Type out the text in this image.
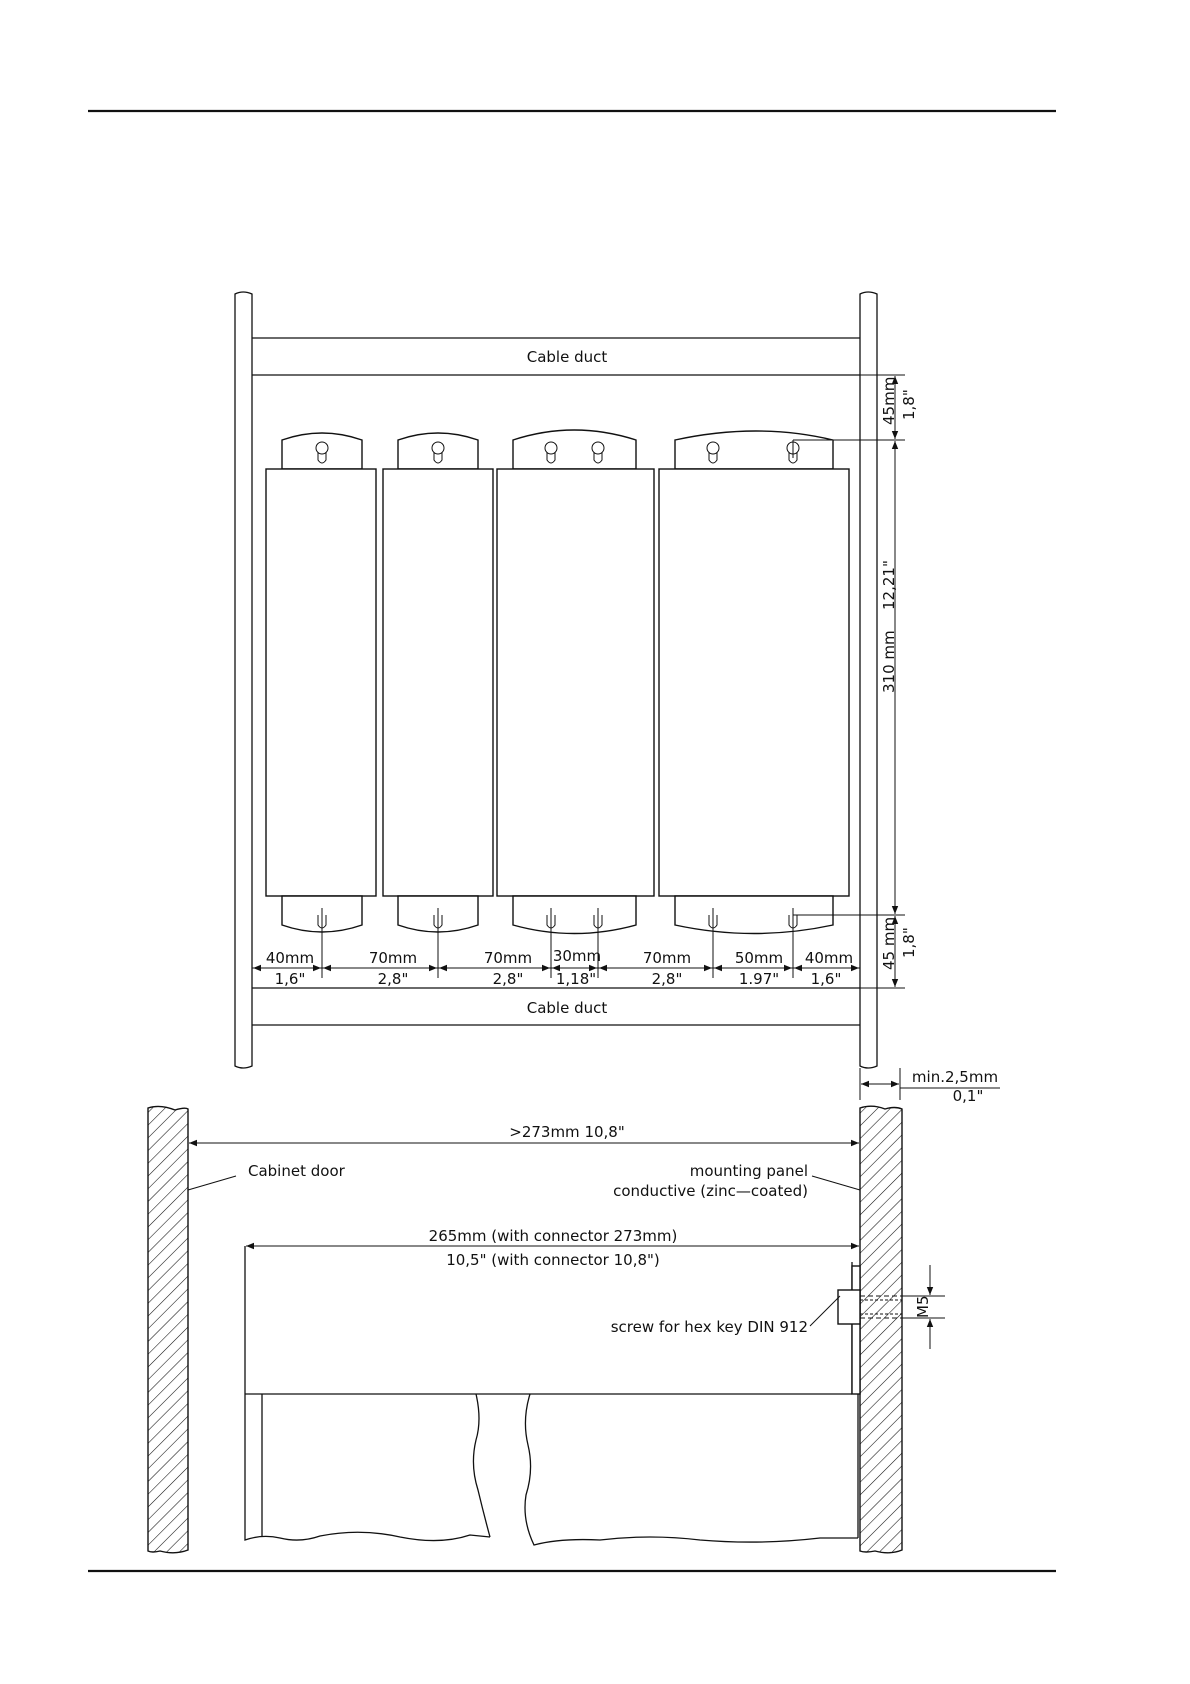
Cable duct
Cable duct
40mm
1,6"
70mm
2,8"
70mm
2,8"
30mm
1,18"
70mm
2,8"
50mm
1.97"
40mm
1,6"
45mm 1,8"
310 mm
12,21"
45 mm 1,8"
min.2,5mm
0,1"
>273mm 10,8"
Cabinet door	mounting panel
conductive (zinc—coated)
265mm (with connector 273mm)
10,5" (with connector 10,8")
M5
screw for hex key DIN 912
